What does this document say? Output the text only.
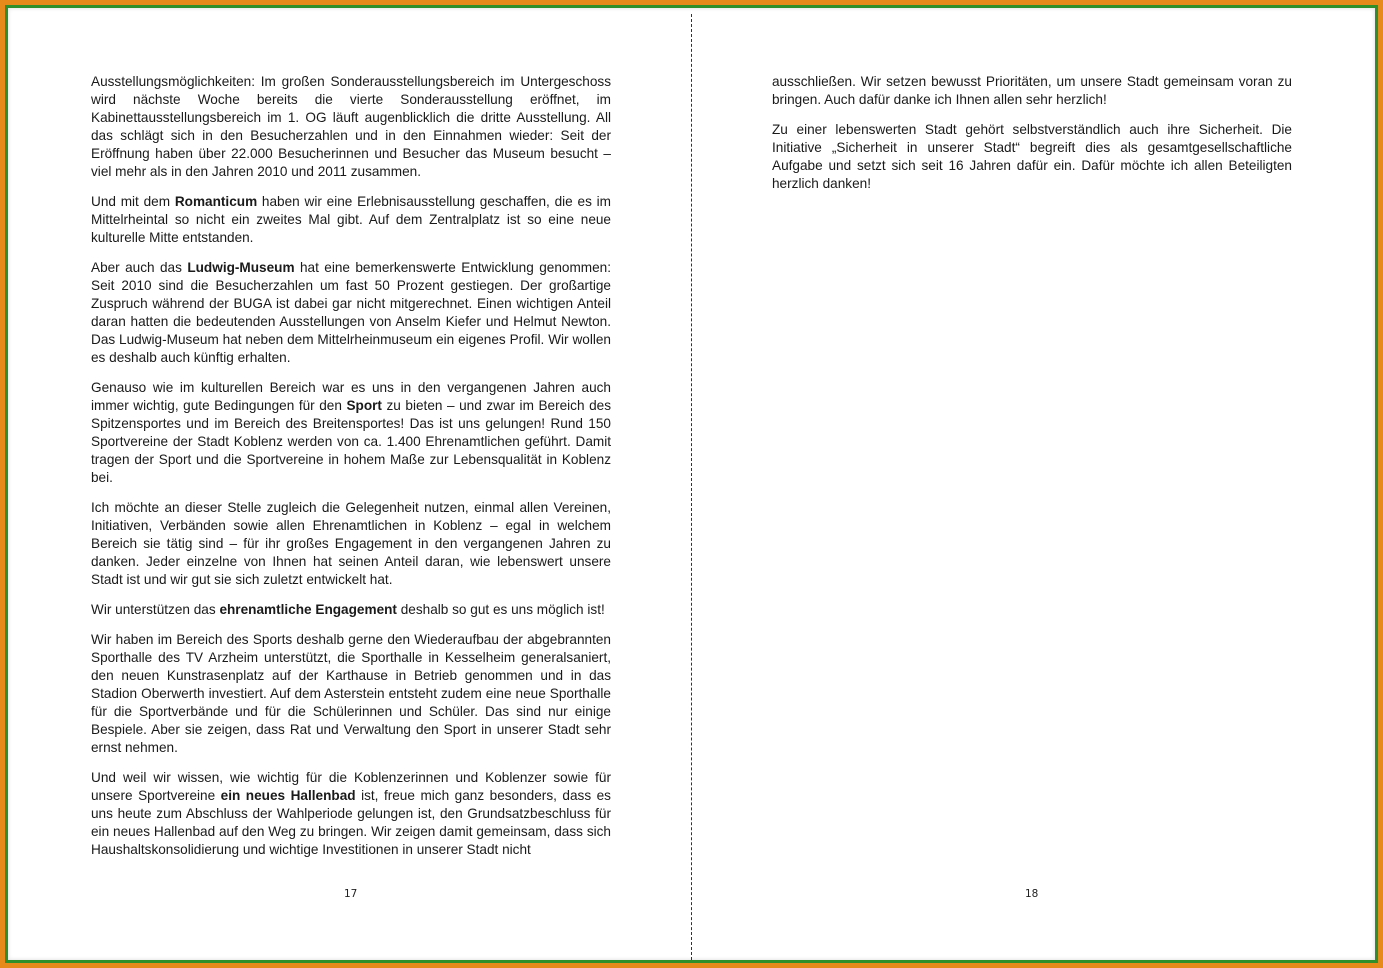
Ausstellungsmöglichkeiten: Im großen Sonderausstellungsbereich im Untergeschoss wird nächste Woche bereits die vierte Sonderausstellung eröffnet, im Kabinettausstellungsbereich im 1. OG läuft augenblicklich die dritte Ausstellung. All das schlägt sich in den Besucherzahlen und in den Einnahmen wieder: Seit der Eröffnung haben über 22.000 Besucherinnen und Besucher das Museum besucht – viel mehr als in den Jahren 2010 und 2011 zusammen.

Und mit dem Romanticum haben wir eine Erlebnisausstellung geschaffen, die es im Mittelrheintal so nicht ein zweites Mal gibt. Auf dem Zentralplatz ist so eine neue kulturelle Mitte entstanden.

Aber auch das Ludwig-Museum hat eine bemerkenswerte Entwicklung genommen: Seit 2010 sind die Besucherzahlen um fast 50 Prozent gestiegen. Der großartige Zuspruch während der BUGA ist dabei gar nicht mitgerechnet. Einen wichtigen Anteil daran hatten die bedeutenden Ausstellungen von Anselm Kiefer und Helmut Newton. Das Ludwig-Museum hat neben dem Mittelrheinmuseum ein eigenes Profil. Wir wollen es deshalb auch künftig erhalten.

Genauso wie im kulturellen Bereich war es uns in den vergangenen Jahren auch immer wichtig, gute Bedingungen für den Sport zu bieten – und zwar im Bereich des Spitzensportes und im Bereich des Breitensportes! Das ist uns gelungen! Rund 150 Sportvereine der Stadt Koblenz werden von ca. 1.400 Ehrenamtlichen geführt. Damit tragen der Sport und die Sportvereine in hohem Maße zur Lebensqualität in Koblenz bei.

Ich möchte an dieser Stelle zugleich die Gelegenheit nutzen, einmal allen Vereinen, Initiativen, Verbänden sowie allen Ehrenamtlichen in Koblenz – egal in welchem Bereich sie tätig sind – für ihr großes Engagement in den vergangenen Jahren zu danken. Jeder einzelne von Ihnen hat seinen Anteil daran, wie lebenswert unsere Stadt ist und wir gut sie sich zuletzt entwickelt hat.

Wir unterstützen das ehrenamtliche Engagement deshalb so gut es uns möglich ist!

Wir haben im Bereich des Sports deshalb gerne den Wiederaufbau der abgebrannten Sporthalle des TV Arzheim unterstützt, die Sporthalle in Kesselheim generalsaniert, den neuen Kunstrasenplatz auf der Karthause in Betrieb genommen und in das Stadion Oberwerth investiert. Auf dem Asterstein entsteht zudem eine neue Sporthalle für die Sportverbände und für die Schülerinnen und Schüler. Das sind nur einige Bespiele. Aber sie zeigen, dass Rat und Verwaltung den Sport in unserer Stadt sehr ernst nehmen.

Und weil wir wissen, wie wichtig für die Koblenzerinnen und Koblenzer sowie für unsere Sportvereine ein neues Hallenbad ist, freue mich ganz besonders, dass es uns heute zum Abschluss der Wahlperiode gelungen ist, den Grundsatzbeschluss für ein neues Hallenbad auf den Weg zu bringen. Wir zeigen damit gemeinsam, dass sich Haushaltskonsolidierung und wichtige Investitionen in unserer Stadt nicht

ausschließen. Wir setzen bewusst Prioritäten, um unsere Stadt gemeinsam voran zu bringen. Auch dafür danke ich Ihnen allen sehr herzlich!

Zu einer lebenswerten Stadt gehört selbstverständlich auch ihre Sicherheit. Die Initiative „Sicherheit in unserer Stadt“ begreift dies als gesamtgesellschaftliche Aufgabe und setzt sich seit 16 Jahren dafür ein. Dafür möchte ich allen Beteiligten herzlich danken!

17	18
